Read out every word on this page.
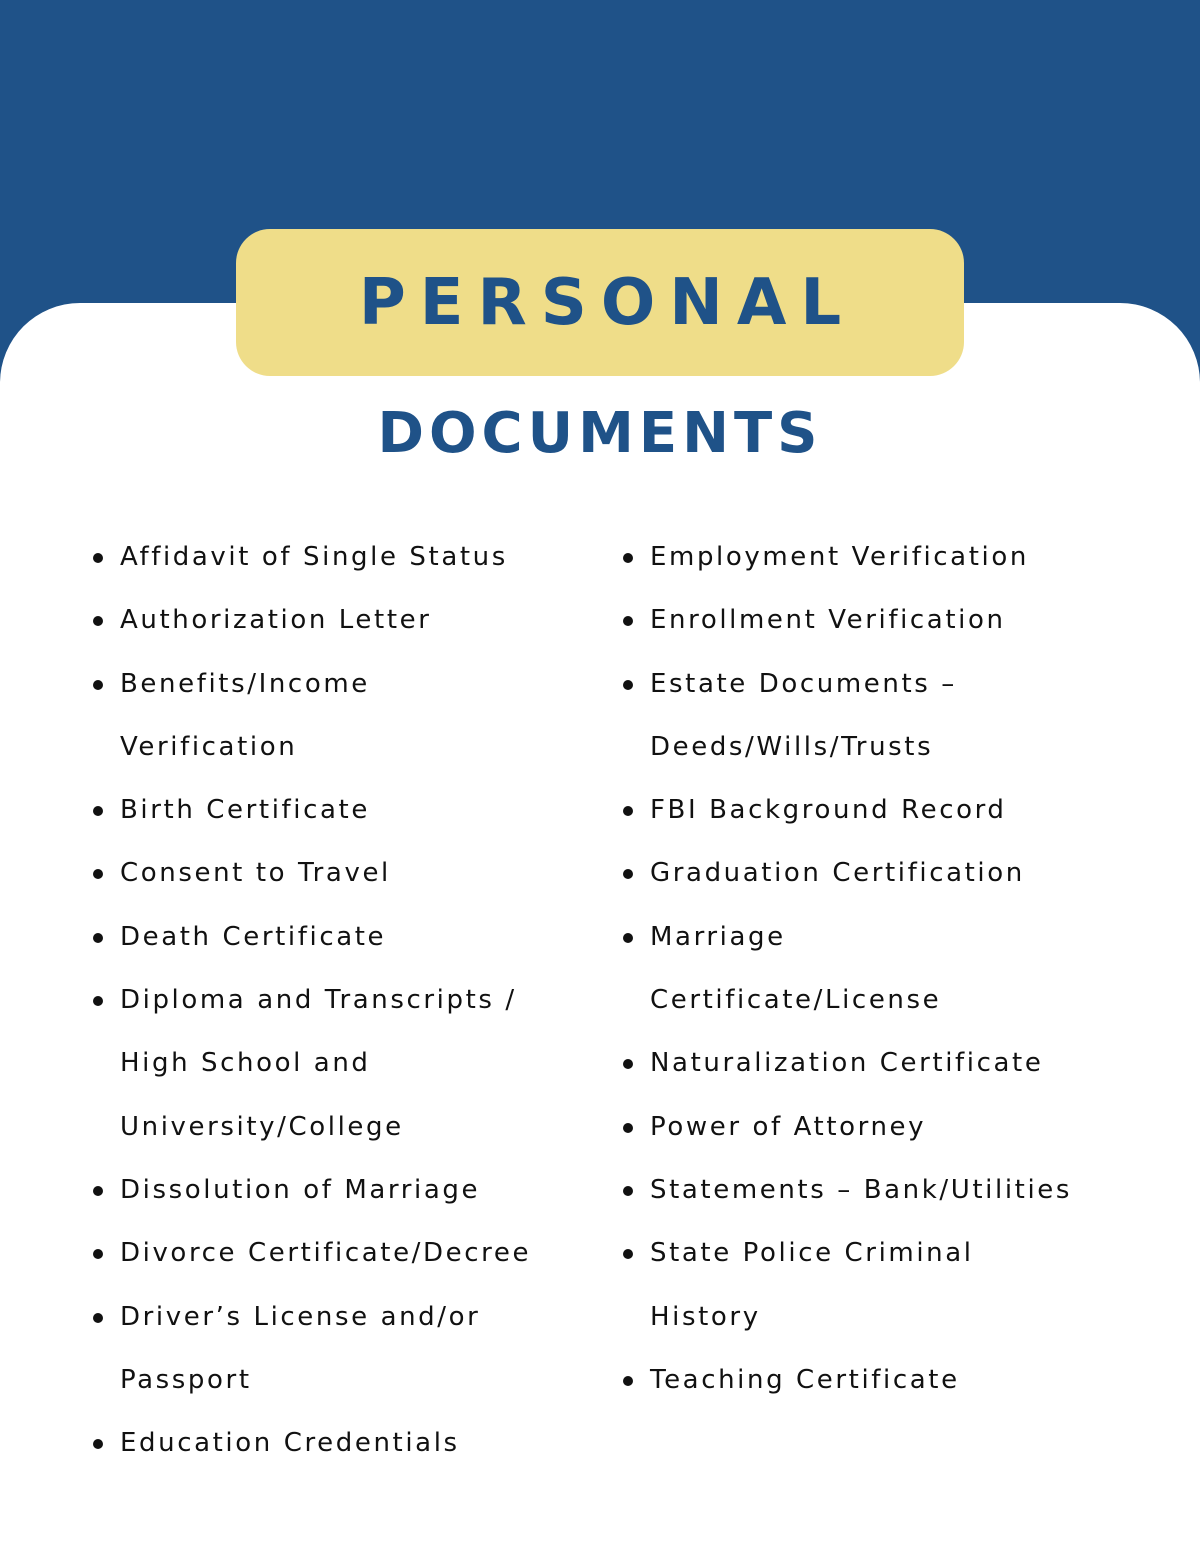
PERSONAL
DOCUMENTS
Affidavit of Single Status
Authorization Letter
Benefits/Income
Verification
Birth Certificate
Consent to Travel
Death Certificate
Diploma and Transcripts /
High School and
University/College
Dissolution of Marriage
Divorce Certificate/Decree
Driver’s License and/or
Passport
Education Credentials
Employment Verification
Enrollment Verification
Estate Documents –
Deeds/Wills/Trusts
FBI Background Record
Graduation Certification
Marriage
Certificate/License
Naturalization Certificate
Power of Attorney
Statements – Bank/Utilities
State Police Criminal
History
Teaching Certificate
